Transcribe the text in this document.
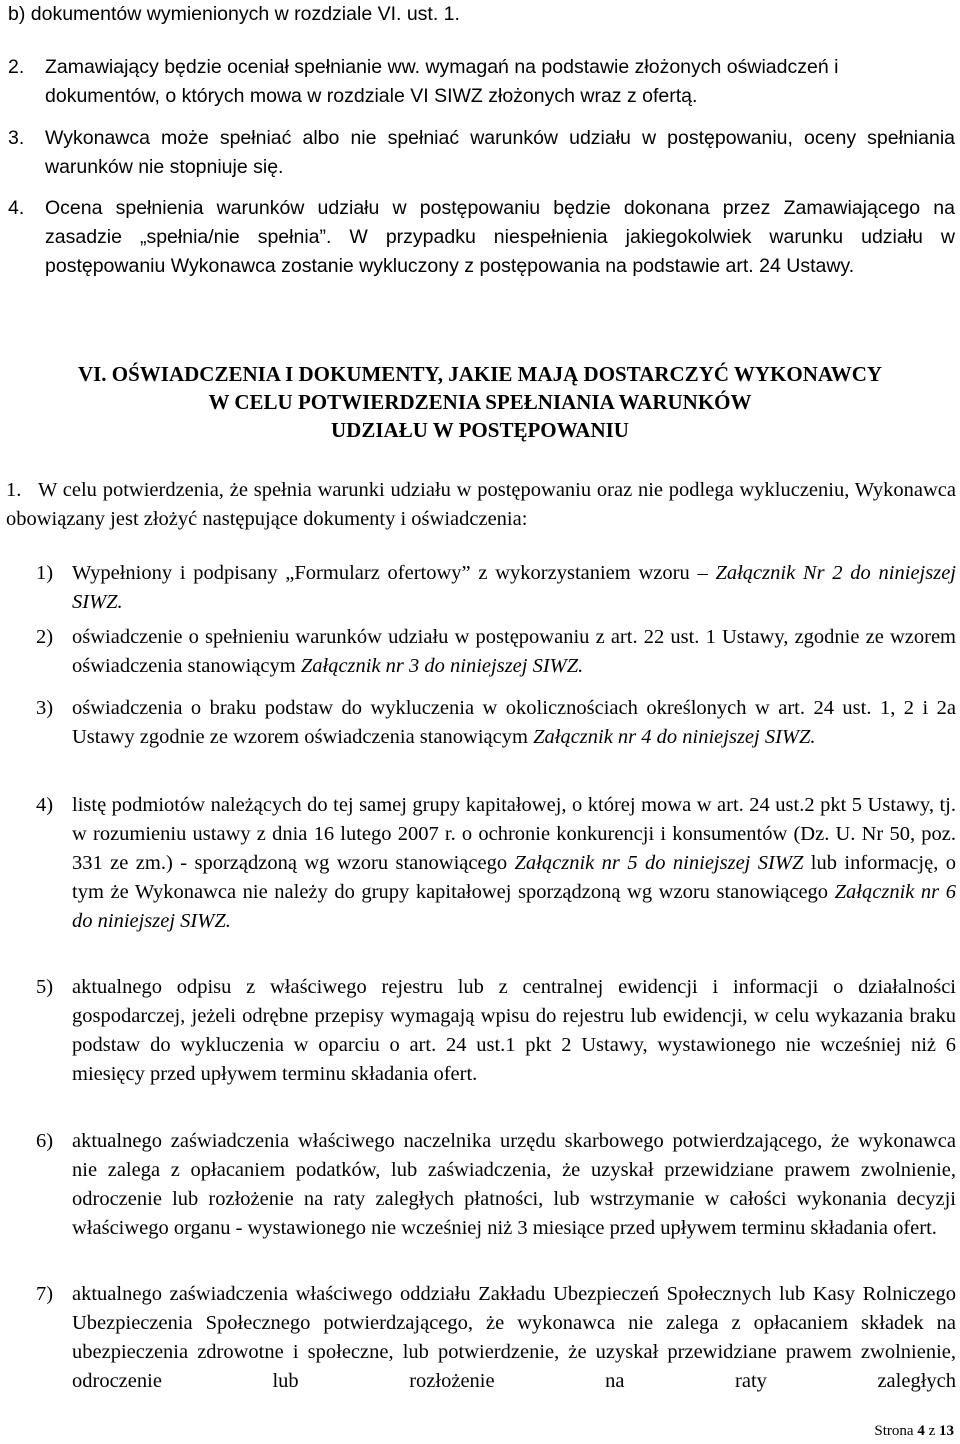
b) dokumentów wymienionych w rozdziale VI. ust. 1.
2. Zamawiający będzie oceniał spełnianie ww. wymagań na podstawie złożonych oświadczeń i dokumentów, o których mowa w rozdziale VI SIWZ złożonych wraz z ofertą.
3. Wykonawca może spełniać albo nie spełniać warunków udziału w postępowaniu, oceny spełniania warunków nie stopniuje się.
4. Ocena spełnienia warunków udziału w postępowaniu będzie dokonana przez Zamawiającego na zasadzie „spełnia/nie spełnia”. W przypadku niespełnienia jakiegokolwiek warunku udziału w postępowaniu Wykonawca zostanie wykluczony z postępowania na podstawie art. 24 Ustawy.
VI. OŚWIADCZENIA I DOKUMENTY, JAKIE MAJĄ DOSTARCZYĆ WYKONAWCY
W CELU POTWIERDZENIA SPEŁNIANIA WARUNKÓW
UDZIAŁU W POSTĘPOWANIU
1. W celu potwierdzenia, że spełnia warunki udziału w postępowaniu oraz nie podlega wykluczeniu, Wykonawca obowiązany jest złożyć następujące dokumenty i oświadczenia:
1) Wypełniony i podpisany „Formularz ofertowy” z wykorzystaniem wzoru – Załącznik Nr 2 do niniejszej SIWZ.
2) oświadczenie o spełnieniu warunków udziału w postępowaniu z art. 22 ust. 1 Ustawy, zgodnie ze wzorem oświadczenia stanowiącym Załącznik nr 3 do niniejszej SIWZ.
3) oświadczenia o braku podstaw do wykluczenia w okolicznościach określonych w art. 24 ust. 1, 2 i 2a Ustawy zgodnie ze wzorem oświadczenia stanowiącym Załącznik nr 4 do niniejszej SIWZ.
4) listę podmiotów należących do tej samej grupy kapitałowej, o której mowa w art. 24 ust.2 pkt 5 Ustawy, tj. w rozumieniu ustawy z dnia 16 lutego 2007 r. o ochronie konkurencji i konsumentów (Dz. U. Nr 50, poz. 331 ze zm.) - sporządzoną wg wzoru stanowiącego Załącznik nr 5 do niniejszej SIWZ lub informację, o tym że Wykonawca nie należy do grupy kapitałowej sporządzoną wg wzoru stanowiącego Załącznik nr 6 do niniejszej SIWZ.
5) aktualnego odpisu z właściwego rejestru lub z centralnej ewidencji i informacji o działalności gospodarczej, jeżeli odrębne przepisy wymagają wpisu do rejestru lub ewidencji, w celu wykazania braku podstaw do wykluczenia w oparciu o art. 24 ust.1 pkt 2 Ustawy, wystawionego nie wcześniej niż 6 miesięcy przed upływem terminu składania ofert.
6) aktualnego zaświadczenia właściwego naczelnika urzędu skarbowego potwierdzającego, że wykonawca nie zalega z opłacaniem podatków, lub zaświadczenia, że uzyskał przewidziane prawem zwolnienie, odroczenie lub rozłożenie na raty zaległych płatności, lub wstrzymanie w całości wykonania decyzji właściwego organu - wystawionego nie wcześniej niż 3 miesiące przed upływem terminu składania ofert.
7) aktualnego zaświadczenia właściwego oddziału Zakładu Ubezpieczeń Społecznych lub Kasy Rolniczego Ubezpieczenia Społecznego potwierdzającego, że wykonawca nie zalega z opłacaniem składek na ubezpieczenia zdrowotne i społeczne, lub potwierdzenie, że uzyskał przewidziane prawem zwolnienie, odroczenie lub rozłożenie na raty zaległych
Strona 4 z 13
